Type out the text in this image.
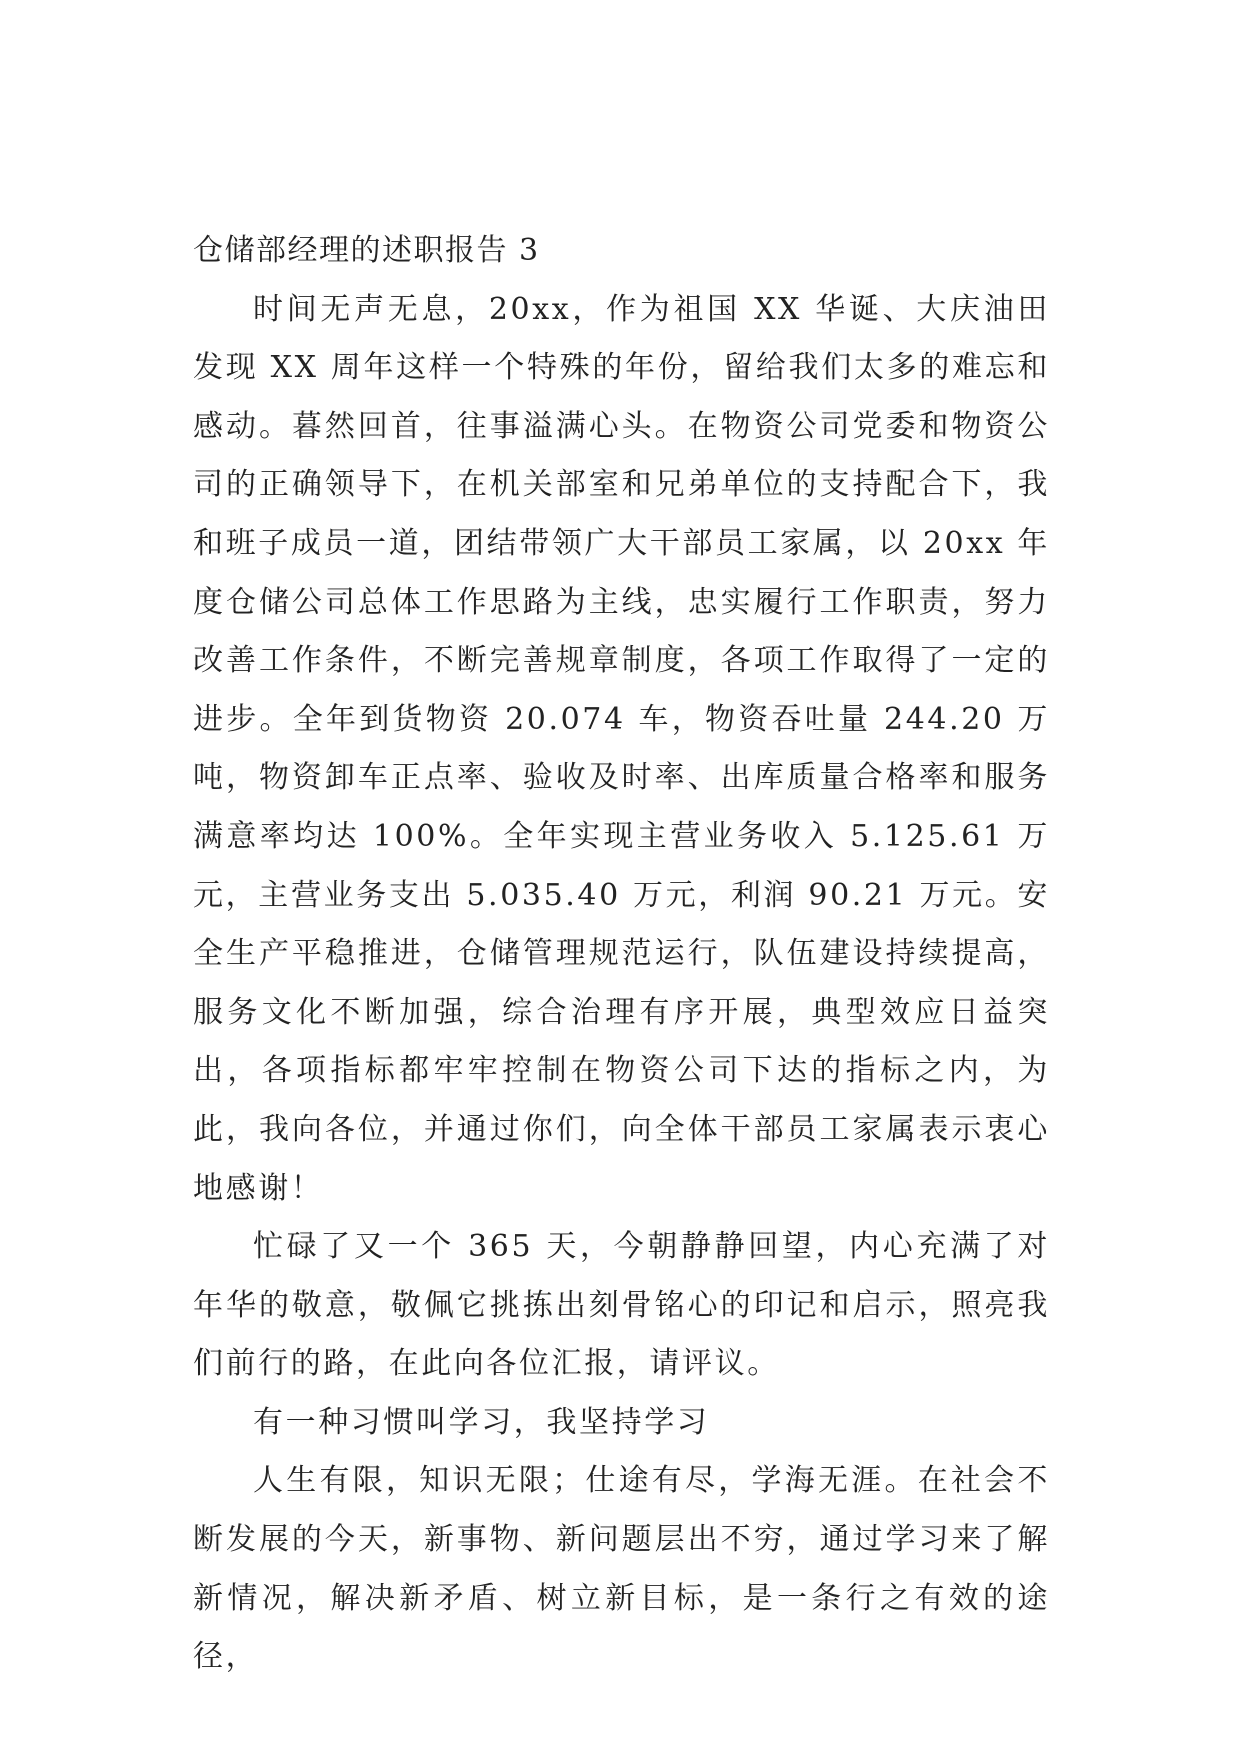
仓储部经理的述职报告 3

时间无声无息，20xx，作为祖国 XX 华诞、大庆油田发现 XX 周年这样一个特殊的年份，留给我们太多的难忘和感动。暮然回首，往事溢满心头。在物资公司党委和物资公司的正确领导下，在机关部室和兄弟单位的支持配合下，我和班子成员一道，团结带领广大干部员工家属，以 20xx 年度仓储公司总体工作思路为主线，忠实履行工作职责，努力改善工作条件，不断完善规章制度，各项工作取得了一定的进步。全年到货物资 20.074 车，物资吞吐量 244.20 万吨，物资卸车正点率、验收及时率、出库质量合格率和服务满意率均达 100%。全年实现主营业务收入 5.125.61 万元，主营业务支出 5.035.40 万元，利润 90.21 万元。安全生产平稳推进，仓储管理规范运行，队伍建设持续提高，服务文化不断加强，综合治理有序开展，典型效应日益突出，各项指标都牢牢控制在物资公司下达的指标之内，为此，我向各位，并通过你们，向全体干部员工家属表示衷心地感谢！

忙碌了又一个 365 天，今朝静静回望，内心充满了对年华的敬意，敬佩它挑拣出刻骨铭心的印记和启示，照亮我们前行的路，在此向各位汇报，请评议。

有一种习惯叫学习，我坚持学习

人生有限，知识无限；仕途有尽，学海无涯。在社会不断发展的今天，新事物、新问题层出不穷，通过学习来了解新情况，解决新矛盾、树立新目标，是一条行之有效的途径，
